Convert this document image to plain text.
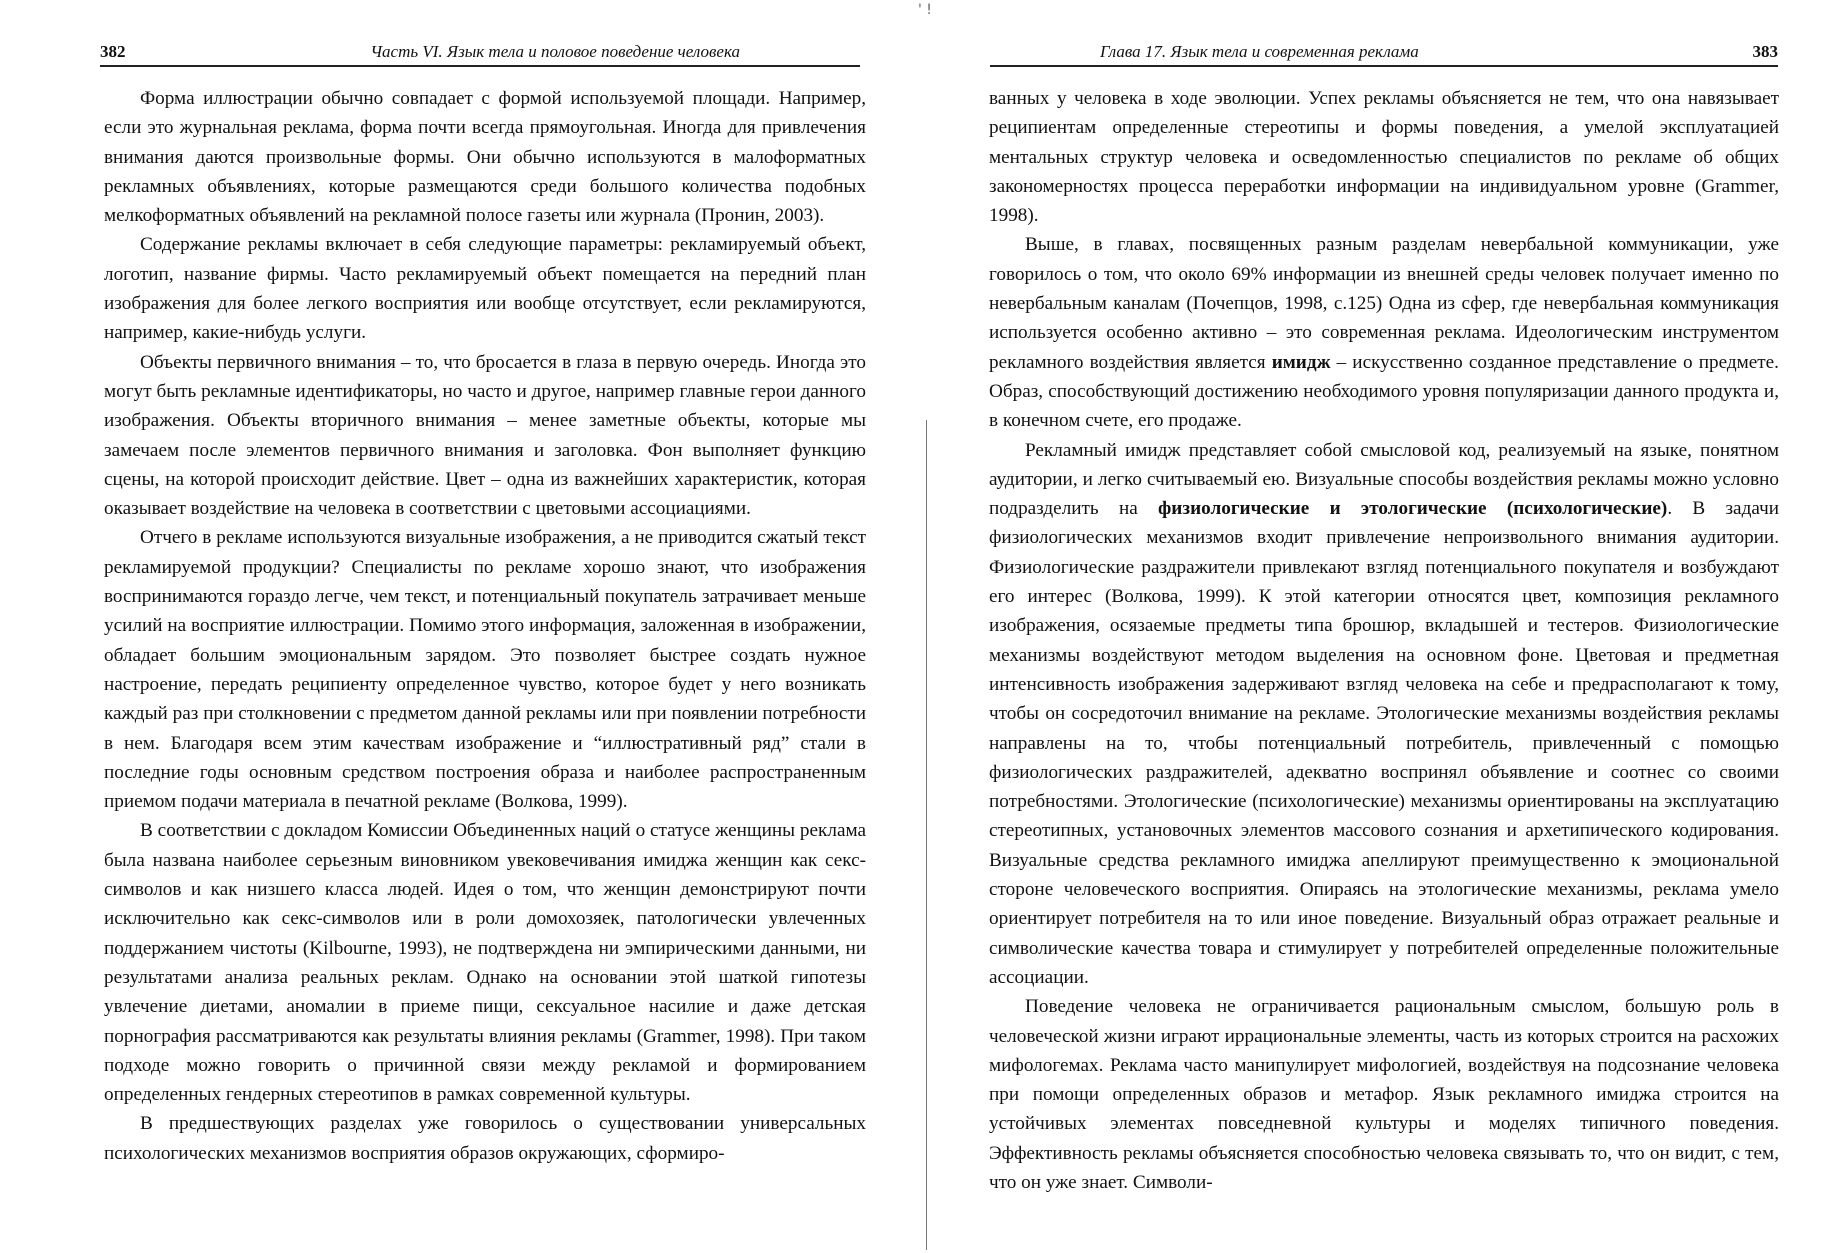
' !
382	Часть VI. Язык тела и половое поведение человека

Форма иллюстрации обычно совпадает с формой используемой площади. Например, если это журнальная реклама, форма почти всегда прямоугольная. Иногда для привлечения внимания даются произвольные формы. Они обычно используются в малоформатных рекламных объявлениях, которые размещаются среди большого количества подобных мелкоформатных объявлений на рекламной полосе газеты или журнала (Пронин, 2003).

Содержание рекламы включает в себя следующие параметры: рекламируемый объект, логотип, название фирмы. Часто рекламируемый объект помещается на передний план изображения для более легкого восприятия или вообще отсутствует, если рекламируются, например, какие-нибудь услуги.

Объекты первичного внимания – то, что бросается в глаза в первую очередь. Иногда это могут быть рекламные идентификаторы, но часто и другое, например главные герои данного изображения. Объекты вторичного внимания – менее заметные объекты, которые мы замечаем после элементов первичного внимания и заголовка. Фон выполняет функцию сцены, на которой происходит действие. Цвет – одна из важнейших характеристик, которая оказывает воздействие на человека в соответствии с цветовыми ассоциациями.

Отчего в рекламе используются визуальные изображения, а не приводится сжатый текст рекламируемой продукции? Специалисты по рекламе хорошо знают, что изображения воспринимаются гораздо легче, чем текст, и потенциальный покупатель затрачивает меньше усилий на восприятие иллюстрации. Помимо этого информация, заложенная в изображении, обладает большим эмоциональным зарядом. Это позволяет быстрее создать нужное настроение, передать реципиенту определенное чувство, которое будет у него возникать каждый раз при столкновении с предметом данной рекламы или при появлении потребности в нем. Благодаря всем этим качествам изображение и “иллюстративный ряд” стали в последние годы основным средством построения образа и наиболее распространенным приемом подачи материала в печатной рекламе (Волкова, 1999).

В соответствии с докладом Комиссии Объединенных наций о статусе женщины реклама была названа наиболее серьезным виновником увековечивания имиджа женщин как секс-символов и как низшего класса людей. Идея о том, что женщин демонстрируют почти исключительно как секс-символов или в роли домохозяек, патологически увлеченных поддержанием чистоты (Kilbourne, 1993), не подтверждена ни эмпирическими данными, ни результатами анализа реальных реклам. Однако на основании этой шаткой гипотезы увлечение диетами, аномалии в приеме пищи, сексуальное насилие и даже детская порнография рассматриваются как результаты влияния рекламы (Grammer, 1998). При таком подходе можно говорить о причинной связи между рекламой и формированием определенных гендерных стереотипов в рамках современной культуры.

В предшествующих разделах уже говорилось о существовании универсальных психологических механизмов восприятия образов окружающих, сформиро-

Глава 17. Язык тела и современная реклама	383

ванных у человека в ходе эволюции. Успех рекламы объясняется не тем, что она навязывает реципиентам определенные стереотипы и формы поведения, а умелой эксплуатацией ментальных структур человека и осведомленностью специалистов по рекламе об общих закономерностях процесса переработки информации на индивидуальном уровне (Grammer, 1998).

Выше, в главах, посвященных разным разделам невербальной коммуникации, уже говорилось о том, что около 69% информации из внешней среды человек получает именно по невербальным каналам (Почепцов, 1998, с.125) Одна из сфер, где невербальная коммуникация используется особенно активно – это современная реклама. Идеологическим инструментом рекламного воздействия является имидж – искусственно созданное представление о предмете. Образ, способствующий достижению необходимого уровня популяризации данного продукта и, в конечном счете, его продаже.

Рекламный имидж представляет собой смысловой код, реализуемый на языке, понятном аудитории, и легко считываемый ею. Визуальные способы воздействия рекламы можно условно подразделить на физиологические и этологические (психологические). В задачи физиологических механизмов входит привлечение непроизвольного внимания аудитории. Физиологические раздражители привлекают взгляд потенциального покупателя и возбуждают его интерес (Волкова, 1999). К этой категории относятся цвет, композиция рекламного изображения, осязаемые предметы типа брошюр, вкладышей и тестеров. Физиологические механизмы воздействуют методом выделения на основном фоне. Цветовая и предметная интенсивность изображения задерживают взгляд человека на себе и предрасполагают к тому, чтобы он сосредоточил внимание на рекламе. Этологические механизмы воздействия рекламы направлены на то, чтобы потенциальный потребитель, привлеченный с помощью физиологических раздражителей, адекватно воспринял объявление и соотнес со своими потребностями. Этологические (психологические) механизмы ориентированы на эксплуатацию стереотипных, установочных элементов массового сознания и архетипического кодирования. Визуальные средства рекламного имиджа апеллируют преимущественно к эмоциональной стороне человеческого восприятия. Опираясь на этологические механизмы, реклама умело ориентирует потребителя на то или иное поведение. Визуальный образ отражает реальные и символические качества товара и стимулирует у потребителей определенные положительные ассоциации.

Поведение человека не ограничивается рациональным смыслом, большую роль в человеческой жизни играют иррациональные элементы, часть из которых строится на расхожих мифологемах. Реклама часто манипулирует мифологией, воздействуя на подсознание человека при помощи определенных образов и метафор. Язык рекламного имиджа строится на устойчивых элементах повседневной культуры и моделях типичного поведения. Эффективность рекламы объясняется способностью человека связывать то, что он видит, с тем, что он уже знает. Символи-
